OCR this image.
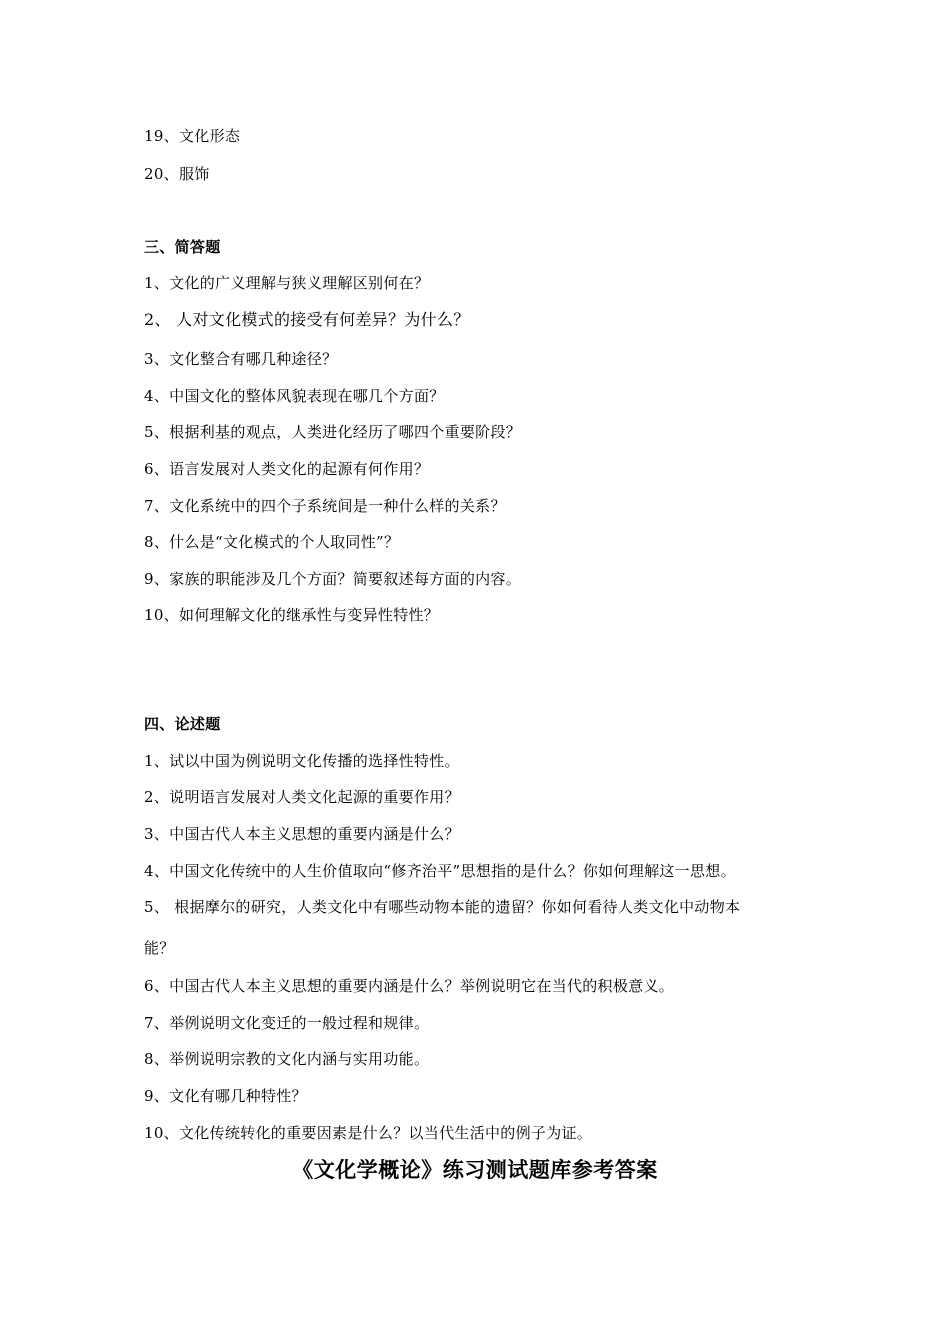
19、文化形态
20、服饰
三、简答题
1、文化的广义理解与狭义理解区别何在？
2、 人对文化模式的接受有何差异？为什么？
3、文化整合有哪几种途径？
4、中国文化的整体风貌表现在哪几个方面？
5、根据利基的观点，人类进化经历了哪四个重要阶段？
6、语言发展对人类文化的起源有何作用？
7、文化系统中的四个子系统间是一种什么样的关系？
8、什么是“文化模式的个人取同性”？
9、家族的职能涉及几个方面？简要叙述每方面的内容。
10、如何理解文化的继承性与变异性特性？
四、论述题
1、试以中国为例说明文化传播的选择性特性。
2、说明语言发展对人类文化起源的重要作用？
3、中国古代人本主义思想的重要内涵是什么？
4、中国文化传统中的人生价值取向“修齐治平”思想指的是什么？你如何理解这一思想。
5、 根据摩尔的研究，人类文化中有哪些动物本能的遗留？你如何看待人类文化中动物本
能？
6、中国古代人本主义思想的重要内涵是什么？举例说明它在当代的积极意义。
7、举例说明文化变迁的一般过程和规律。
8、举例说明宗教的文化内涵与实用功能。
9、文化有哪几种特性？
10、文化传统转化的重要因素是什么？以当代生活中的例子为证。
《文化学概论》练习测试题库参考答案
